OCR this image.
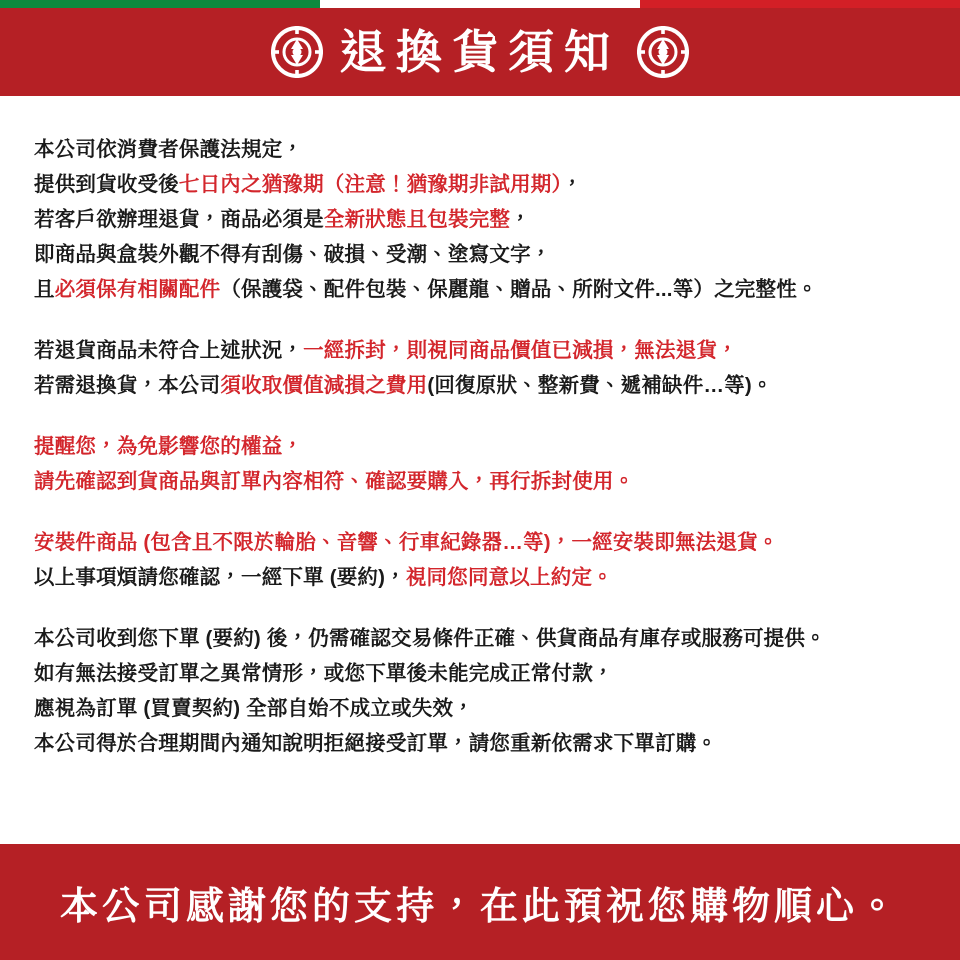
退換貨須知
本公司依消費者保護法規定，
提供到貨收受後七日內之猶豫期（注意！猶豫期非試用期），
若客戶欲辦理退貨，商品必須是全新狀態且包裝完整，
即商品與盒裝外觀不得有刮傷、破損、受潮、塗寫文字，
且必須保有相關配件（保護袋、配件包裝、保麗龍、贈品、所附文件...等）之完整性。
若退貨商品未符合上述狀況，一經拆封，則視同商品價值已減損，無法退貨，
若需退換貨，本公司須收取價值減損之費用(回復原狀、整新費、遞補缺件…等)。
提醒您，為免影響您的權益，
請先確認到貨商品與訂單內容相符、確認要購入，再行拆封使用。
安裝件商品 (包含且不限於輪胎、音響、行車紀錄器…等)，一經安裝即無法退貨。
以上事項煩請您確認，一經下單 (要約)，視同您同意以上約定。
本公司收到您下單 (要約) 後，仍需確認交易條件正確、供貨商品有庫存或服務可提供。
如有無法接受訂單之異常情形，或您下單後未能完成正常付款，
應視為訂單 (買賣契約) 全部自始不成立或失效，
本公司得於合理期間內通知說明拒絕接受訂單，請您重新依需求下單訂購。
本公司感謝您的支持，在此預祝您購物順心。
